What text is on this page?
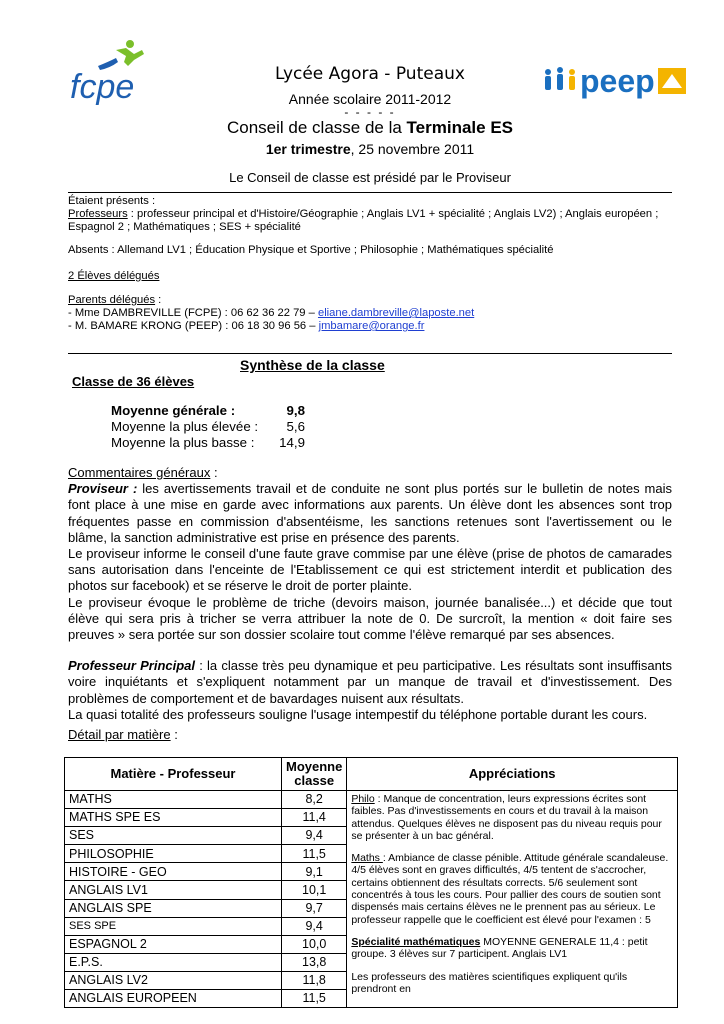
fcpe	peep
Lycée Agora - Puteaux
Année scolaire 2011-2012
- - - - -
Conseil de classe de la Terminale ES
1er trimestre, 25 novembre 2011
Le Conseil de classe est présidé par le Proviseur
Étaient présents :
Professeurs : professeur principal et d'Histoire/Géographie ; Anglais LV1 + spécialité ; Anglais LV2) ; Anglais européen ; Espagnol 2 ; Mathématiques ; SES + spécialité
Absents : Allemand LV1 ; Éducation Physique et Sportive ; Philosophie ; Mathématiques spécialité
2 Élèves délégués
Parents délégués :
- Mme DAMBREVILLE (FCPE) : 06 62 36 22 79 – eliane.dambreville@laposte.net
- M. BAMARE KRONG (PEEP) : 06 18 30 96 56 – jmbamare@orange.fr
Synthèse de la classe
Classe de 36 élèves
Moyenne générale :	9,8
Moyenne la plus élevée :	5,6
Moyenne la plus basse :	14,9

Commentaires généraux :

Proviseur : les avertissements travail et de conduite ne sont plus portés sur le bulletin de notes mais font place à une mise en garde avec informations aux parents. Un élève dont les absences sont trop fréquentes passe en commission d'absentéisme, les sanctions retenues sont l'avertissement ou le blâme, la sanction administrative est prise en présence des parents.

Le proviseur informe le conseil d'une faute grave commise par une élève (prise de photos de camarades sans autorisation dans l'enceinte de l'Etablissement ce qui est strictement interdit et publication des photos sur facebook) et se réserve le droit de porter plainte.

Le proviseur évoque le problème de triche (devoirs maison, journée banalisée...) et décide que tout élève qui sera pris à tricher se verra attribuer la note de 0. De surcroît, la mention « doit faire ses preuves » sera portée sur son dossier scolaire tout comme l'élève remarqué par ses absences.

Professeur Principal : la classe très peu dynamique et peu participative. Les résultats sont insuffisants voire inquiétants et s'expliquent notamment par un manque de travail et d'investissement. Des problèmes de comportement et de bavardages nuisent aux résultats.

La quasi totalité des professeurs souligne l'usage intempestif du téléphone portable durant les cours.

Détail par matière :
Matière - Professeur	Moyenne classe	Appréciations
MATHS	8,2	Philo : Manque de concentration, leurs expressions écrites sont faibles. Pas d'investissements en cours et du travail à la maison attendus. Quelques élèves ne disposent pas du niveau requis pour se présenter à un bac général.

Maths : Ambiance de classe pénible. Attitude générale scandaleuse. 4/5 élèves sont en graves difficultés, 4/5 tentent de s'accrocher, certains obtiennent des résultats corrects. 5/6 seulement sont concentrés à tous les cours. Pour pallier des cours de soutien sont dispensés mais certains élèves ne le prennent pas au sérieux. Le professeur rappelle que le coefficient est élevé pour l'examen : 5

Spécialité mathématiques MOYENNE GENERALE 11,4 : petit groupe. 3 élèves sur 7 participent. Anglais LV1

Les professeurs des matières scientifiques expliquent qu'ils prendront en

MATHS SPE ES	11,4	
SES	9,4	
PHILOSOPHIE	11,5	
HISTOIRE - GEO	9,1	
ANGLAIS LV1	10,1	
ANGLAIS SPE	9,7	
SES SPE	9,4	
ESPAGNOL 2	10,0	
E.P.S.	13,8	
ANGLAIS LV2	11,8	
ANGLAIS EUROPEEN	11,5	
